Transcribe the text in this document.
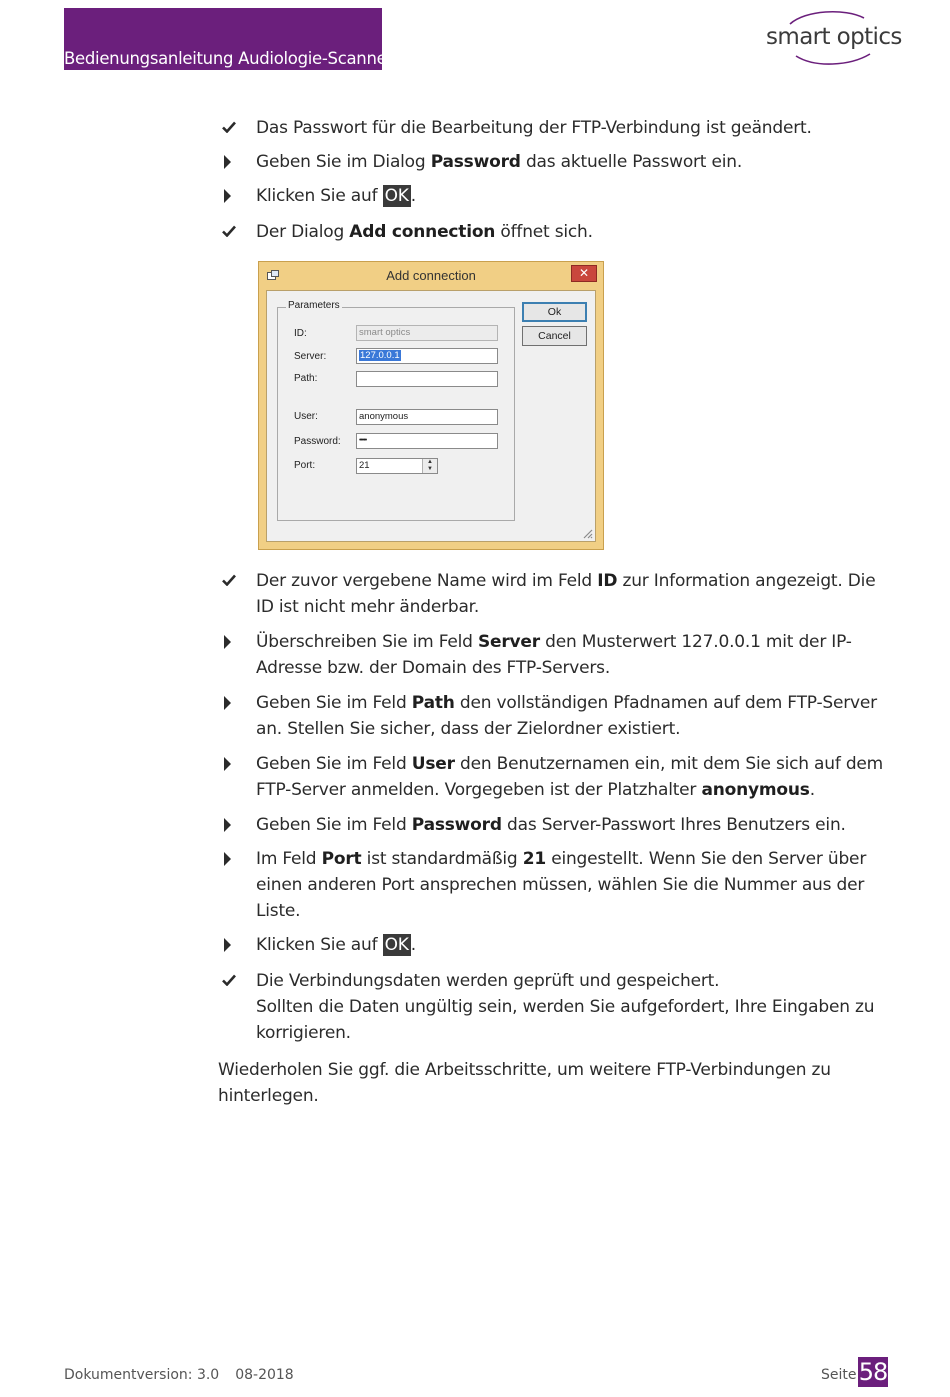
Bedienungsanleitung Audiologie-Scanner
smart optics
Das Passwort für die Bearbeitung der FTP-Verbindung ist geändert.
Geben Sie im Dialog Password das aktuelle Passwort ein.
Klicken Sie auf OK .
Der Dialog Add connection öffnet sich.
Der zuvor vergebene Name wird im Feld ID zur Information angezeigt. Die ID ist nicht mehr änderbar.
Überschreiben Sie im Feld Server den Musterwert 127.0.0.1 mit der IP-Adresse bzw. der Domain des FTP-Servers.
Geben Sie im Feld Path den vollständigen Pfadnamen auf dem FTP-Server an. Stellen Sie sicher, dass der Zielordner existiert.
Geben Sie im Feld User den Benutzernamen ein, mit dem Sie sich auf dem FTP-Server anmelden. Vorgegeben ist der Platzhalter anonymous.
Geben Sie im Feld Password das Server-Passwort Ihres Benutzers ein.
Im Feld Port ist standardmäßig 21 eingestellt. Wenn Sie den Server über einen anderen Port ansprechen müssen, wählen Sie die Nummer aus der Liste.
Klicken Sie auf OK .
Die Verbindungsdaten werden geprüft und gespeichert.
Sollten die Daten ungültig sein, werden Sie aufgefordert, Ihre Eingaben zu korrigieren.
Wiederholen Sie ggf. die Arbeitsschritte, um weitere FTP-Verbindungen zu hinterlegen.
Add connection	✕
Parameters
ID:	smart optics
Server:	127.0.0.1
Path:
User:	anonymous
Password:	•••••
Port:	21	▲
▼
Ok
Cancel
Dokumentversion: 3.0 08-2018	Seite 58
